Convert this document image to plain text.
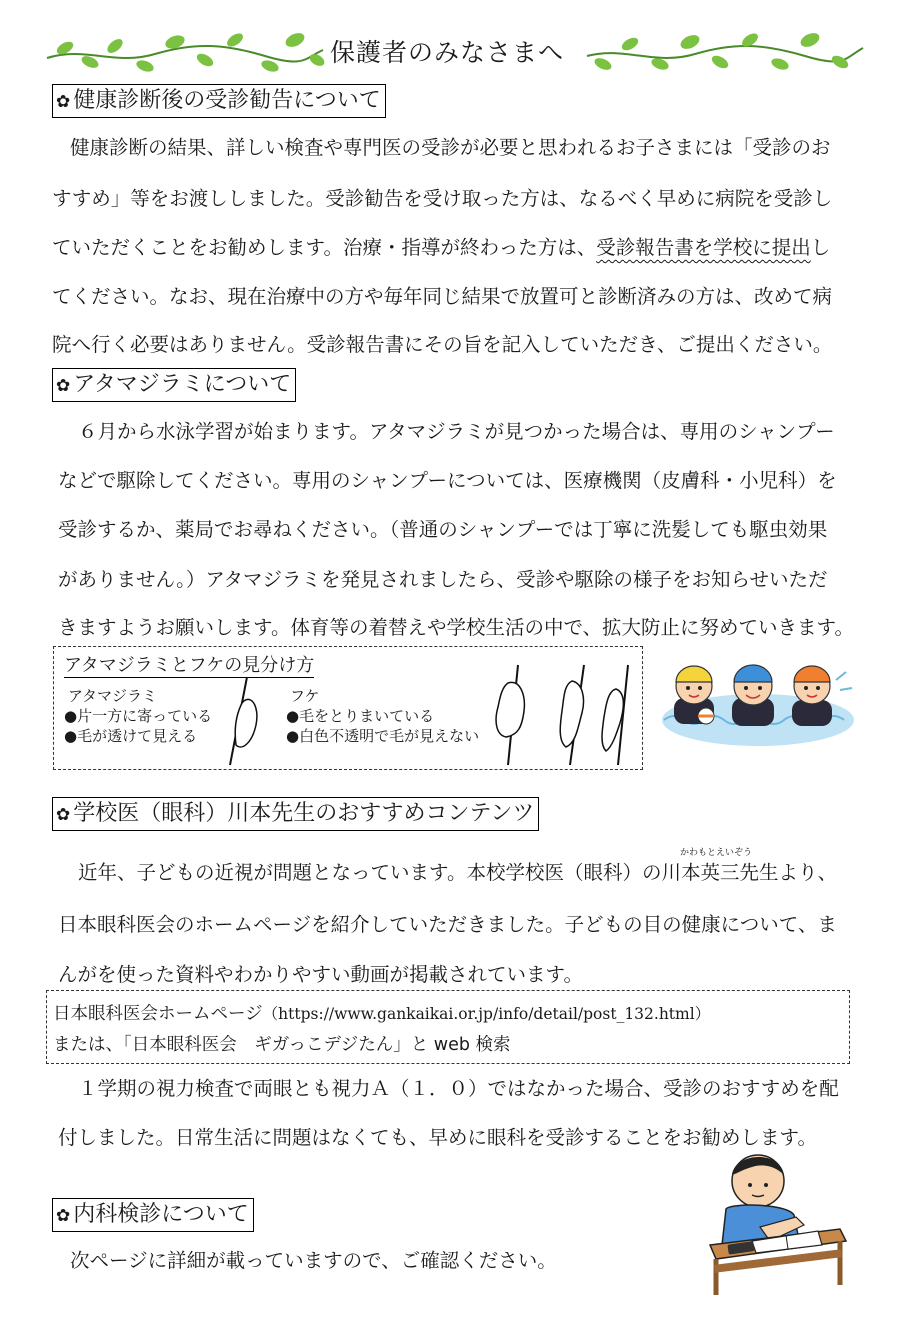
保護者のみなさまへ
✿ 健康診断後の受診勧告について
健康診断の結果、詳しい検査や専門医の受診が必要と思われるお子さまには「受診のお
すすめ」等をお渡ししました。受診勧告を受け取った方は、なるべく早めに病院を受診し
ていただくことをお勧めします。治療・指導が終わった方は、受診報告書を学校に提出し
てください。なお、現在治療中の方や毎年同じ結果で放置可と診断済みの方は、改めて病
院へ行く必要はありません。受診報告書にその旨を記入していただき、ご提出ください。
✿ アタマジラミについて
６月から水泳学習が始まります。アタマジラミが見つかった場合は、専用のシャンプー
などで駆除してください。専用のシャンプーについては、医療機関（皮膚科・小児科）を
受診するか、薬局でお尋ねください。（普通のシャンプーでは丁寧に洗髪しても駆虫効果
がありません。）アタマジラミを発見されましたら、受診や駆除の様子をお知らせいただ
きますようお願いします。体育等の着替えや学校生活の中で、拡大防止に努めていきます。
アタマジラミとフケの見分け方
アタマジラミ
●片一方に寄っている
●毛が透けて見える
フケ
●毛をとりまいている
●白色不透明で毛が見えない
✿ 学校医（眼科）川本先生のおすすめコンテンツ
かわもとえいぞう
近年、子どもの近視が問題となっています。本校学校医（眼科）の川本英三先生より、
日本眼科医会のホームページを紹介していただきました。子どもの目の健康について、ま
んがを使った資料やわかりやすい動画が掲載されています。
日本眼科医会ホームページ（https://www.gankaikai.or.jp/info/detail/post_132.html）
または、「日本眼科医会　ギガっこデジたん」と web 検索
１学期の視力検査で両眼とも視力Ａ（１．０）ではなかった場合、受診のおすすめを配
付しました。日常生活に問題はなくても、早めに眼科を受診することをお勧めします。
✿ 内科検診について
次ページに詳細が載っていますので、ご確認ください。
